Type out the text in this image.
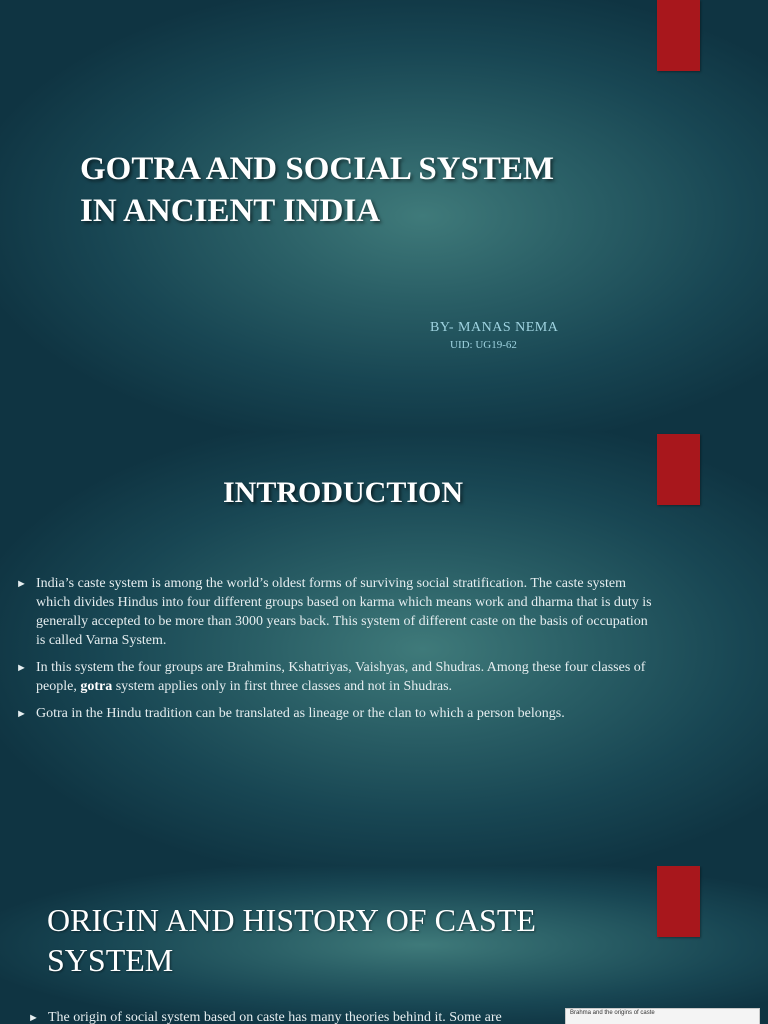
GOTRA AND SOCIAL SYSTEM
IN ANCIENT INDIA
BY- MANAS NEMA
UID: UG19-62
INTRODUCTION
► India’s caste system is among the world’s oldest forms of surviving social stratification. The caste system which divides Hindus into four different groups based on karma which means work and dharma that is duty is generally accepted to be more than 3000 years back. This system of different caste on the basis of occupation is called Varna System.
► In this system the four groups are Brahmins, Kshatriyas, Vaishyas, and Shudras. Among these four classes of people, gotra system applies only in first three classes and not in Shudras.
► Gotra in the Hindu tradition can be translated as lineage or the clan to which a person belongs.
ORIGIN AND HISTORY OF CASTE
SYSTEM
► The origin of social system based on caste has many theories behind it. Some are	Brahma and the origins of caste
